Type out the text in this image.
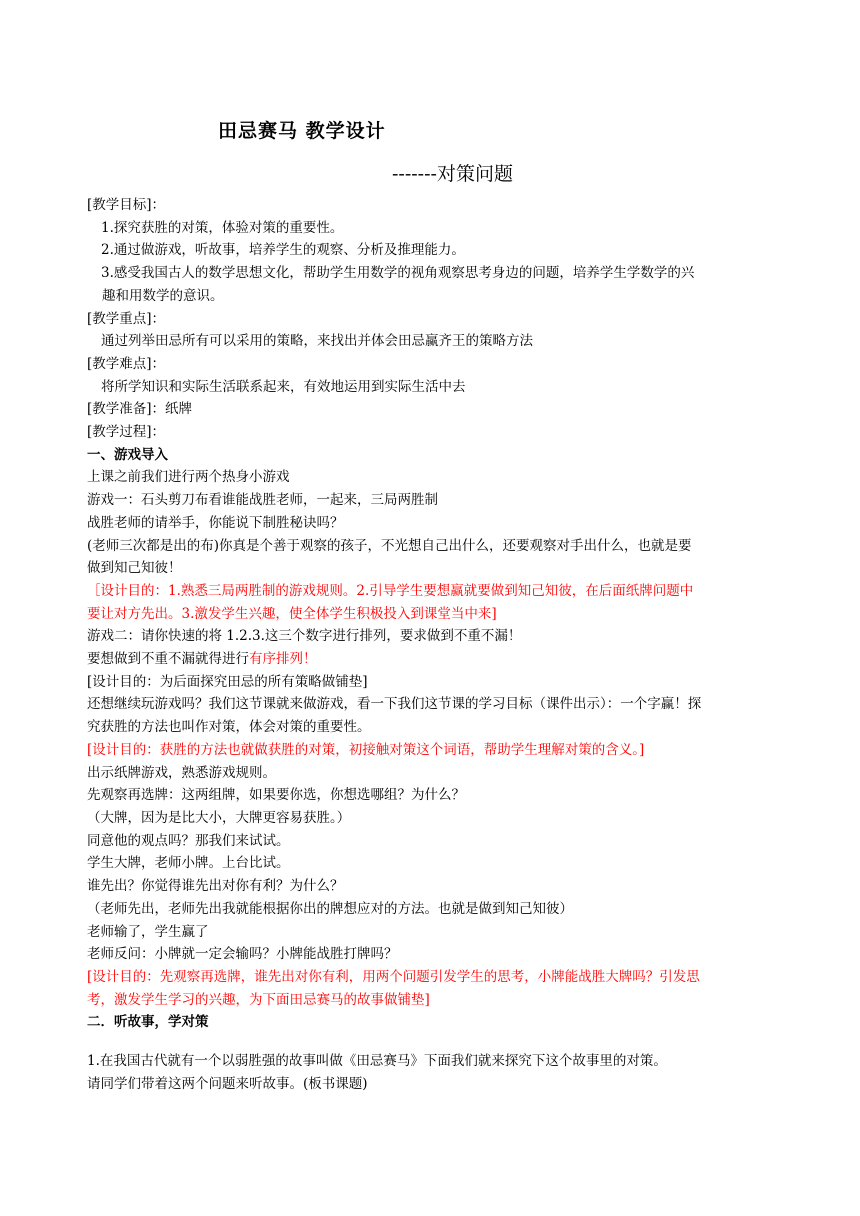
田忌赛马 教学设计
-------对策问题
[教学目标]：
1.探究获胜的对策，体验对策的重要性。
2.通过做游戏，听故事，培养学生的观察、分析及推理能力。
3.感受我国古人的数学思想文化，帮助学生用数学的视角观察思考身边的问题，培养学生学数学的兴
趣和用数学的意识。
[教学重点]：
通过列举田忌所有可以采用的策略，来找出并体会田忌赢齐王的策略方法
[教学难点]：
将所学知识和实际生活联系起来，有效地运用到实际生活中去
[教学准备]：纸牌
[教学过程]：
一、游戏导入
上课之前我们进行两个热身小游戏
游戏一：石头剪刀布看谁能战胜老师，一起来，三局两胜制
战胜老师的请举手，你能说下制胜秘诀吗？
(老师三次都是出的布)你真是个善于观察的孩子，不光想自己出什么，还要观察对手出什么，也就是要
做到知己知彼！
［设计目的：1.熟悉三局两胜制的游戏规则。2.引导学生要想赢就要做到知己知彼，在后面纸牌问题中
要让对方先出。3.激发学生兴趣，使全体学生积极投入到课堂当中来]
游戏二：请你快速的将 1.2.3.这三个数字进行排列，要求做到不重不漏！
要想做到不重不漏就得进行有序排列！
[设计目的：为后面探究田忌的所有策略做铺垫]
还想继续玩游戏吗？我们这节课就来做游戏，看一下我们这节课的学习目标（课件出示）：一个字赢！探
究获胜的方法也叫作对策，体会对策的重要性。
[设计目的：获胜的方法也就做获胜的对策，初接触对策这个词语，帮助学生理解对策的含义。]
出示纸牌游戏，熟悉游戏规则。
先观察再选牌：这两组牌，如果要你选，你想选哪组？为什么？
（大牌，因为是比大小，大牌更容易获胜。）
同意他的观点吗？那我们来试试。
学生大牌，老师小牌。上台比试。
谁先出？你觉得谁先出对你有利？为什么？
（老师先出，老师先出我就能根据你出的牌想应对的方法。也就是做到知己知彼）
老师输了，学生赢了
老师反问：小牌就一定会输吗？小牌能战胜打牌吗？
[设计目的：先观察再选牌，谁先出对你有利，用两个问题引发学生的思考，小牌能战胜大牌吗？引发思
考，激发学生学习的兴趣，为下面田忌赛马的故事做铺垫]
二．听故事，学对策
1.在我国古代就有一个以弱胜强的故事叫做《田忌赛马》下面我们就来探究下这个故事里的对策。
请同学们带着这两个问题来听故事。(板书课题)
